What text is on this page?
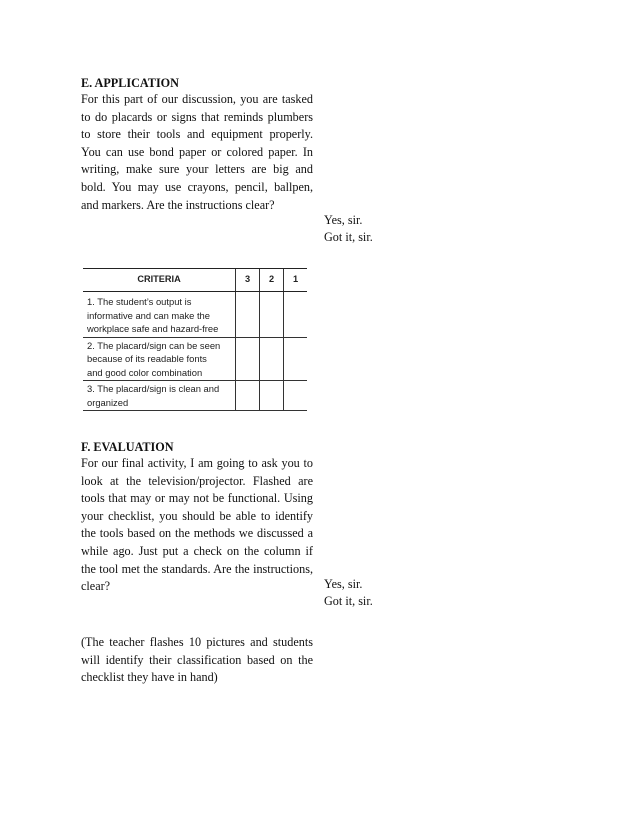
E. APPLICATION

For this part of our discussion, you are tasked to do placards or signs that reminds plumbers to store their tools and equipment properly. You can use bond paper or colored paper. In writing, make sure your letters are big and bold. You may use crayons, pencil, ballpen, and markers. Are the instructions clear?

Yes, sir.
Got it, sir.
CRITERIA	3	2	1

1. The student’s output is
informative and can make the
workplace safe and hazard-free			

2. The placard/sign can be seen
because of its readable fonts
and good color combination			

3. The placard/sign is clean and
organized			

F. EVALUATION

For our final activity, I am going to ask you to look at the television/projector. Flashed are tools that may or may not be functional. Using your checklist, you should be able to identify the tools based on the methods we discussed a while ago. Just put a check on the column if the tool met the standards. Are the instructions, clear?	Yes, sir.
Got it, sir.

(The teacher flashes 10 pictures and students will identify their classification based on the checklist they have in hand)
